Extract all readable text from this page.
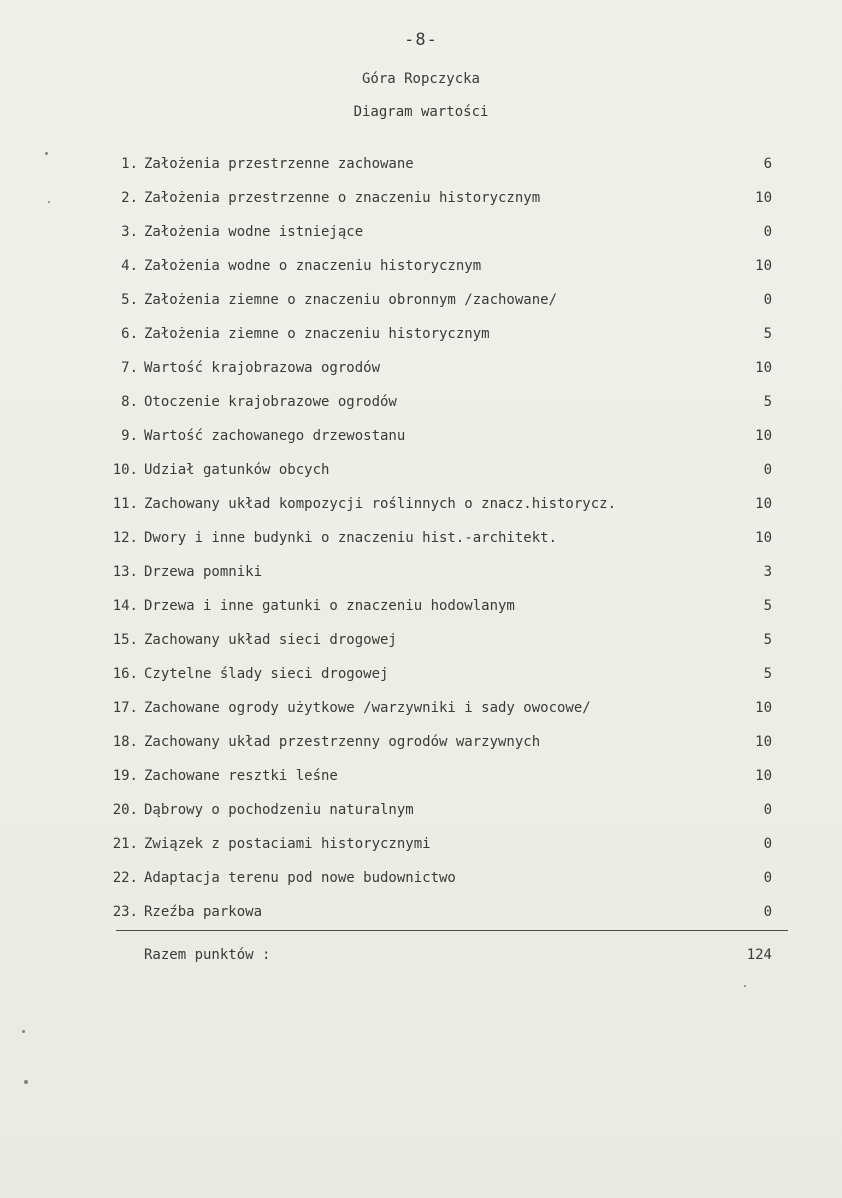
-8-
Góra Ropczycka
Diagram wartości
1. Założenia przestrzenne zachowane	6
2. Założenia przestrzenne o znaczeniu historycznym	10
3. Założenia wodne istniejące	0
4. Założenia wodne o znaczeniu historycznym	10
5. Założenia ziemne o znaczeniu obronnym /zachowane/	0
6. Założenia ziemne o znaczeniu historycznym	5
7. Wartość krajobrazowa ogrodów	10
8. Otoczenie krajobrazowe ogrodów	5
9. Wartość zachowanego drzewostanu	10
10. Udział gatunków obcych	0
11. Zachowany układ kompozycji roślinnych o znacz.historycz.	10
12. Dwory i inne budynki o znaczeniu hist.-architekt.	10
13. Drzewa pomniki	3
14. Drzewa i inne gatunki o znaczeniu hodowlanym	5
15. Zachowany układ sieci drogowej	5
16. Czytelne ślady sieci drogowej	5
17. Zachowane ogrody użytkowe /warzywniki i sady owocowe/	10
18. Zachowany układ przestrzenny ogrodów warzywnych	10
19. Zachowane resztki leśne	10
20. Dąbrowy o pochodzeniu naturalnym	0
21. Związek z postaciami historycznymi	0
22. Adaptacja terenu pod nowe budownictwo	0
23. Rzeźba parkowa	0
Razem punktów :	124
